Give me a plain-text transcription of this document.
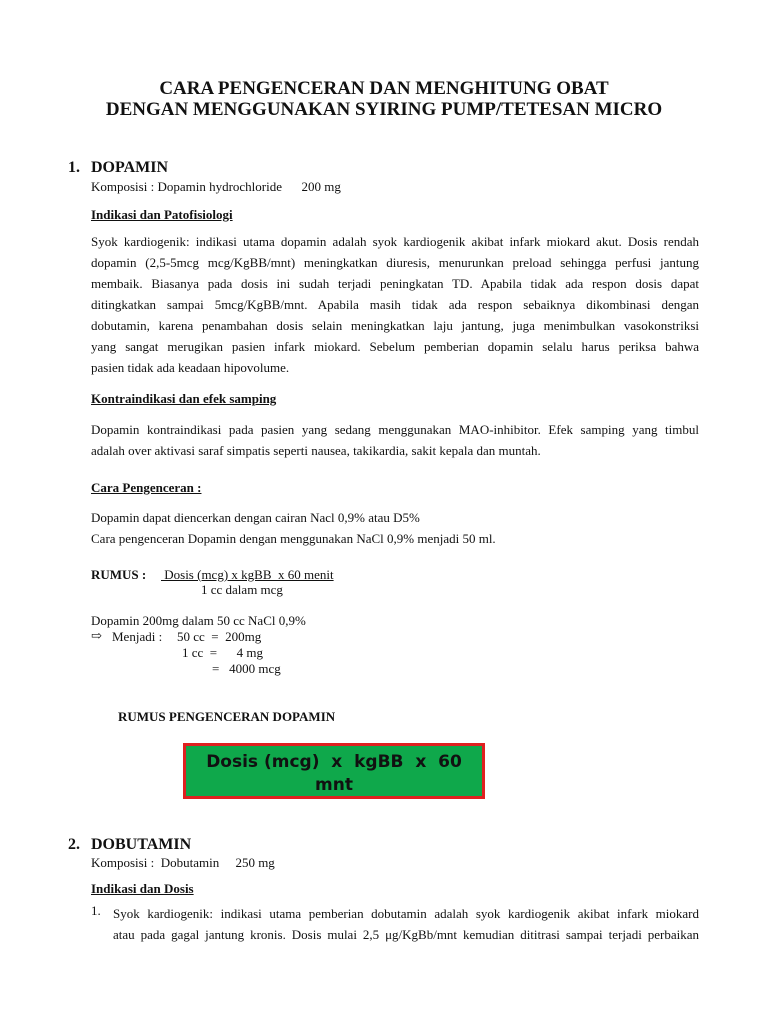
CARA PENGENCERAN DAN MENGHITUNG OBAT
DENGAN MENGGUNAKAN SYIRING PUMP/TETESAN MICRO
1. DOPAMIN
Komposisi : Dopamin hydrochloride      200 mg
Indikasi dan Patofisiologi
Syok kardiogenik: indikasi utama dopamin adalah syok kardiogenik akibat infark miokard akut. Dosis rendah
dopamin (2,5-5mcg mcg/KgBB/mnt) meningkatkan diuresis, menurunkan preload sehingga perfusi jantung
membaik. Biasanya pada dosis ini sudah terjadi peningkatan TD. Apabila tidak ada respon dosis dapat
ditingkatkan sampai 5mcg/KgBB/mnt. Apabila masih tidak ada respon sebaiknya dikombinasi dengan
dobutamin, karena penambahan dosis selain meningkatkan laju jantung, juga menimbulkan vasokonstriksi
yang sangat merugikan pasien infark miokard. Sebelum pemberian dopamin selalu harus periksa bahwa
pasien tidak ada keadaan hipovolume.
Kontraindikasi dan efek samping
Dopamin kontraindikasi pada pasien yang sedang menggunakan MAO-inhibitor. Efek samping yang timbul
adalah over aktivasi saraf simpatis seperti nausea, takikardia, sakit kepala dan muntah.
Cara Pengenceran :
Dopamin dapat diencerkan dengan cairan Nacl 0,9% atau D5%
Cara pengenceran Dopamin dengan menggunakan NaCl 0,9% menjadi 50 ml.
RUMUS : Dosis (mcg) x kgBB  x 60 menit
1 cc dalam mcg
Dopamin 200mg dalam 50 cc NaCl 0,9%
⇨ Menjadi : 50 cc  =  200mg
1 cc  =      4 mg
=   4000 mcg
RUMUS PENGENCERAN DOPAMIN
Dosis (mcg)  x  kgBB  x  60
mnt
2. DOBUTAMIN
Komposisi :  Dobutamin     250 mg
Indikasi dan Dosis
1. Syok kardiogenik: indikasi utama pemberian dobutamin adalah syok kardiogenik akibat infark miokard
atau pada gagal jantung kronis. Dosis mulai 2,5 μg/KgBb/mnt kemudian dititrasi sampai terjadi perbaikan
